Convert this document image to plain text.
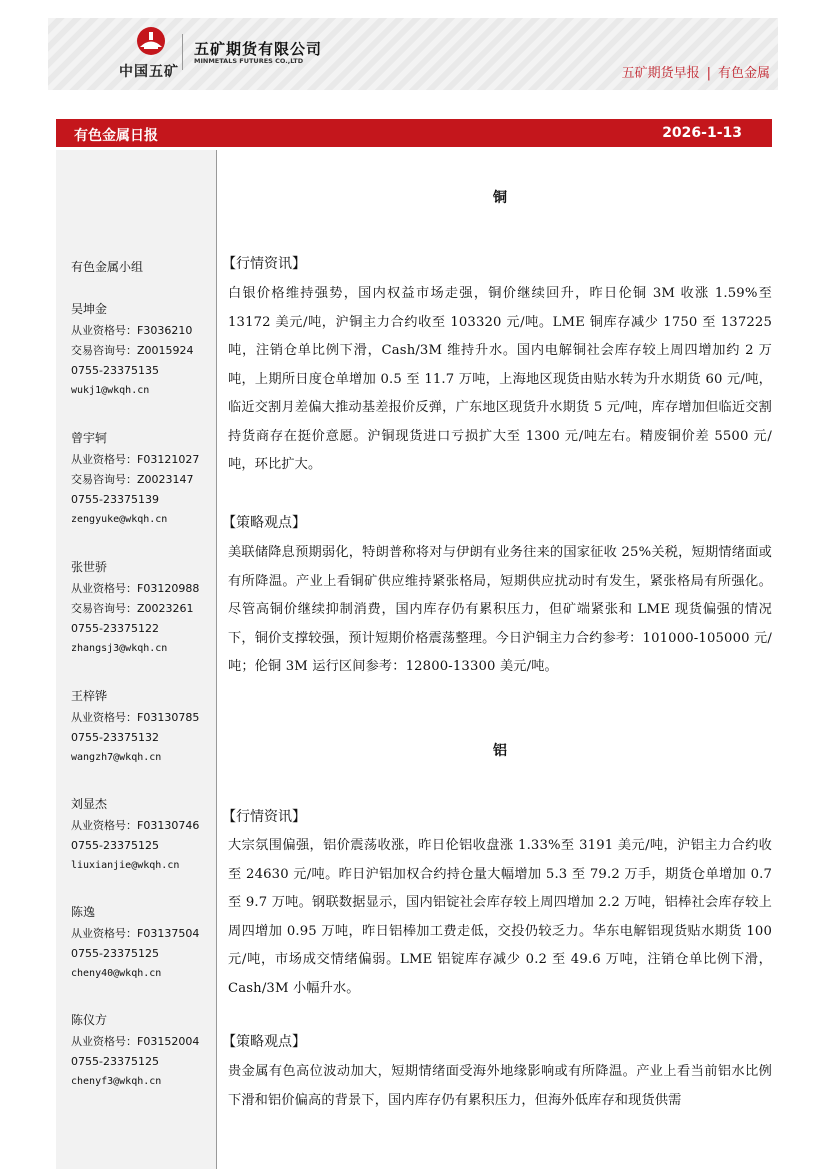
中国五矿
五矿期货有限公司
MINMETALS FUTURES CO.,LTD
五矿期货早报 | 有色金属
有色金属日报	2026-1-13
有色金属小组
吴坤金
从业资格号：F3036210
交易咨询号：Z0015924
0755-23375135
wukj1@wkqh.cn
曾宇轲
从业资格号：F03121027
交易咨询号：Z0023147
0755-23375139
zengyuke@wkqh.cn
张世骄
从业资格号：F03120988
交易咨询号：Z0023261
0755-23375122
zhangsj3@wkqh.cn
王梓铧
从业资格号：F03130785
0755-23375132
wangzh7@wkqh.cn
刘显杰
从业资格号：F03130746
0755-23375125
liuxianjie@wkqh.cn
陈逸
从业资格号：F03137504
0755-23375125
cheny40@wkqh.cn
陈仪方
从业资格号：F03152004
0755-23375125
chenyf3@wkqh.cn
铜
【行情资讯】
白银价格维持强势，国内权益市场走强，铜价继续回升，昨日伦铜 3M 收涨 1.59%至 13172 美元/吨，沪铜主力合约收至 103320 元/吨。LME 铜库存减少 1750 至 137225 吨，注销仓单比例下滑，Cash/3M 维持升水。国内电解铜社会库存较上周四增加约 2 万吨，上期所日度仓单增加 0.5 至 11.7 万吨，上海地区现货由贴水转为升水期货 60 元/吨，临近交割月差偏大推动基差报价反弹，广东地区现货升水期货 5 元/吨，库存增加但临近交割持货商存在挺价意愿。沪铜现货进口亏损扩大至 1300 元/吨左右。精废铜价差 5500 元/吨，环比扩大。
【策略观点】
美联储降息预期弱化，特朗普称将对与伊朗有业务往来的国家征收 25%关税，短期情绪面或有所降温。产业上看铜矿供应维持紧张格局，短期供应扰动时有发生，紧张格局有所强化。尽管高铜价继续抑制消费，国内库存仍有累积压力，但矿端紧张和 LME 现货偏强的情况下，铜价支撑较强，预计短期价格震荡整理。今日沪铜主力合约参考：101000-105000 元/吨；伦铜 3M 运行区间参考：12800-13300 美元/吨。
铝
【行情资讯】
大宗氛围偏强，铝价震荡收涨，昨日伦铝收盘涨 1.33%至 3191 美元/吨，沪铝主力合约收至 24630 元/吨。昨日沪铝加权合约持仓量大幅增加 5.3 至 79.2 万手，期货仓单增加 0.7 至 9.7 万吨。钢联数据显示，国内铝锭社会库存较上周四增加 2.2 万吨，铝棒社会库存较上周四增加 0.95 万吨，昨日铝棒加工费走低，交投仍较乏力。华东电解铝现货贴水期货 100 元/吨，市场成交情绪偏弱。LME 铝锭库存减少 0.2 至 49.6 万吨，注销仓单比例下滑，Cash/3M 小幅升水。
【策略观点】
贵金属有色高位波动加大，短期情绪面受海外地缘影响或有所降温。产业上看当前铝水比例下滑和铝价偏高的背景下，国内库存仍有累积压力，但海外低库存和现货供需
